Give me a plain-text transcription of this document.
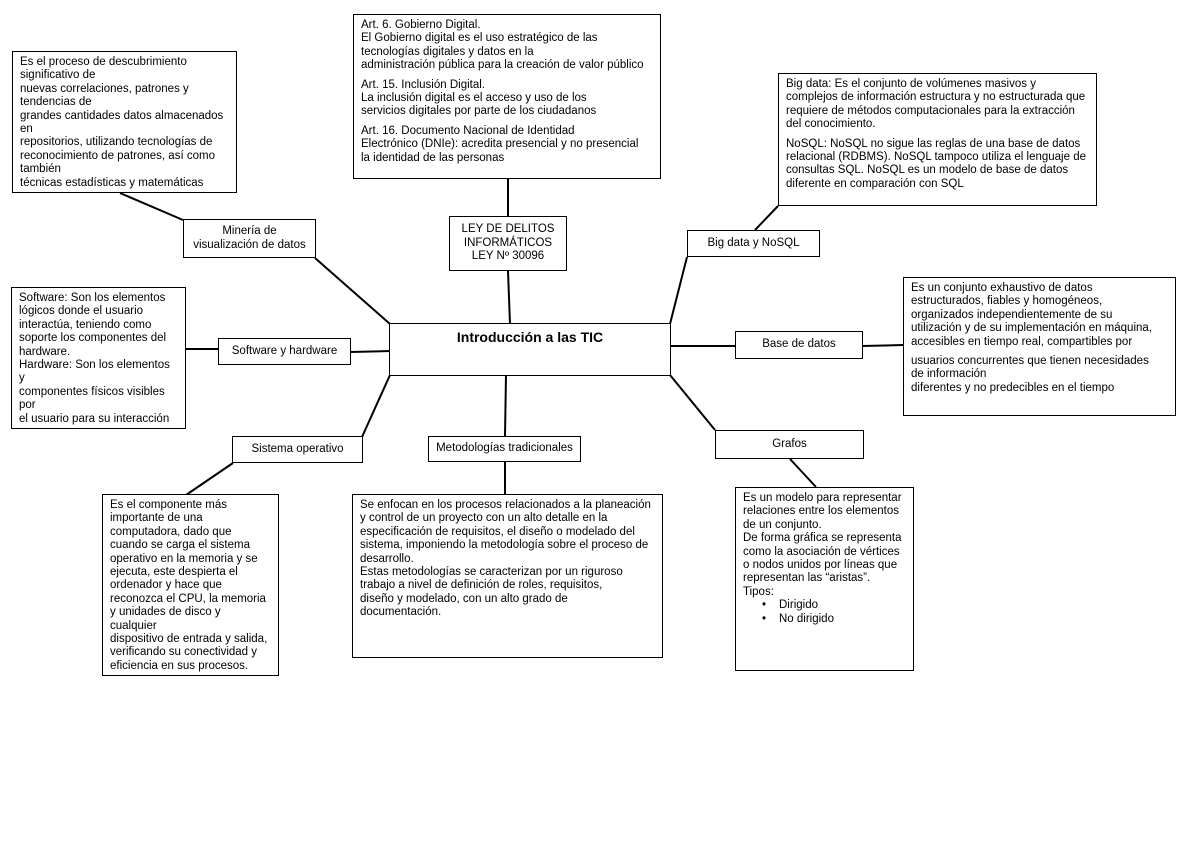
Introducción a las TIC
Es el proceso de descubrimiento significativo de
nuevas correlaciones, patrones y tendencias de
grandes cantidades datos almacenados en
repositorios, utilizando tecnologías de
reconocimiento de patrones, así como también
técnicas estadísticas y matemáticas
Minería de visualización de datos
Art. 6. Gobierno Digital.
El Gobierno digital es el uso estratégico de las
tecnologías digitales y datos en la
administración pública para la creación de valor público
Art. 15. Inclusión Digital.
La inclusión digital es el acceso y uso de los
servicios digitales por parte de los ciudadanos
Art. 16. Documento Nacional de Identidad
Electrónico (DNIe): acredita presencial y no presencial
la identidad de las personas
LEY DE DELITOS INFORMÁTICOS LEY Nº 30096
Big data: Es el conjunto de volúmenes masivos y
complejos de información estructura y no estructurada que
requiere de métodos computacionales para la extracción
del conocimiento.
NoSQL: NoSQL no sigue las reglas de una base de datos
relacional (RDBMS). NoSQL tampoco utiliza el lenguaje de
consultas SQL. NoSQL es un modelo de base de datos
diferente en comparación con SQL
Big data y NoSQL
Software: Son los elementos
lógicos donde el usuario
interactúa, teniendo como
soporte los componentes del
hardware.
Hardware: Son los elementos y
componentes físicos visibles por
el usuario para su interacción
Software y hardware
Base de datos
Es un conjunto exhaustivo de datos
estructurados, fiables y homogéneos,
organizados independientemente de su
utilización y de su implementación en máquina,
accesibles en tiempo real, compartibles por
usuarios concurrentes que tienen necesidades
de información
diferentes y no predecibles en el tiempo
Sistema operativo
Es el componente más
importante de una
computadora, dado que
cuando se carga el sistema
operativo en la memoria y se
ejecuta, este despierta el
ordenador y hace que
reconozca el CPU, la memoria
y unidades de disco y
cualquier
dispositivo de entrada y salida,
verificando su conectividad y
eficiencia en sus procesos.
Metodologías tradicionales
Se enfocan en los procesos relacionados a la planeación
y control de un proyecto con un alto detalle en la
especificación de requisitos, el diseño o modelado del
sistema, imponiendo la metodología sobre el proceso de
desarrollo.
Estas metodologías se caracterizan por un riguroso
trabajo a nivel de definición de roles, requisitos,
diseño y modelado, con un alto grado de
documentación.
Grafos
Es un modelo para representar
relaciones entre los elementos
de un conjunto.
De forma gráfica se representa
como la asociación de vértices
o nodos unidos por líneas que
representan las “aristas”.
Tipos:
• Dirigido
• No dirigido
